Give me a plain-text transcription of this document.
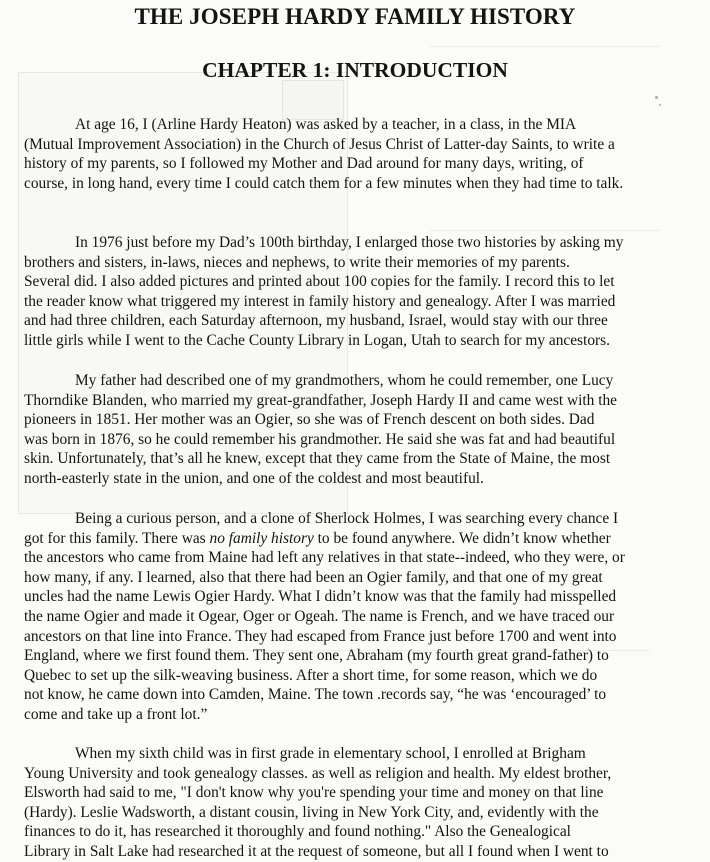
THE JOSEPH HARDY FAMILY HISTORY
CHAPTER 1: INTRODUCTION

At age 16, I (Arline Hardy Heaton) was asked by a teacher, in a class, in the MIA
(Mutual Improvement Association) in the Church of Jesus Christ of Latter-day Saints, to write a
history of my parents, so I followed my Mother and Dad around for many days, writing, of
course, in long hand, every time I could catch them for a few minutes when they had time to talk.

In 1976 just before my Dad’s 100th birthday, I enlarged those two histories by asking my
brothers and sisters, in-laws, nieces and nephews, to write their memories of my parents.
Several did. I also added pictures and printed about 100 copies for the family. I record this to let
the reader know what triggered my interest in family history and genealogy. After I was married
and had three children, each Saturday afternoon, my husband, Israel, would stay with our three
little girls while I went to the Cache County Library in Logan, Utah to search for my ancestors.

My father had described one of my grandmothers, whom he could remember, one Lucy
Thorndike Blanden, who married my great-grandfather, Joseph Hardy II and came west with the
pioneers in 1851. Her mother was an Ogier, so she was of French descent on both sides. Dad
was born in 1876, so he could remember his grandmother. He said she was fat and had beautiful
skin. Unfortunately, that’s all he knew, except that they came from the State of Maine, the most
north-easterly state in the union, and one of the coldest and most beautiful.

Being a curious person, and a clone of Sherlock Holmes, I was searching every chance I
got for this family. There was no family history to be found anywhere. We didn’t know whether
the ancestors who came from Maine had left any relatives in that state--indeed, who they were, or
how many, if any. I learned, also that there had been an Ogier family, and that one of my great
uncles had the name Lewis Ogier Hardy. What I didn’t know was that the family had misspelled
the name Ogier and made it Ogear, Oger or Ogeah. The name is French, and we have traced our
ancestors on that line into France. They had escaped from France just before 1700 and went into
England, where we first found them. They sent one, Abraham (my fourth great grand-father) to
Quebec to set up the silk-weaving business. After a short time, for some reason, which we do
not know, he came down into Camden, Maine. The town .records say, “he was ‘encouraged’ to
come and take up a front lot.”

When my sixth child was in first grade in elementary school, I enrolled at Brigham
Young University and took genealogy classes. as well as religion and health. My eldest brother,
Elsworth had said to me, "I don't know why you're spending your time and money on that line
(Hardy). Leslie Wadsworth, a distant cousin, living in New York City, and, evidently with the
finances to do it, has researched it thoroughly and found nothing." Also the Genealogical
Library in Salt Lake had researched it at the request of someone, but all I found when I went to
